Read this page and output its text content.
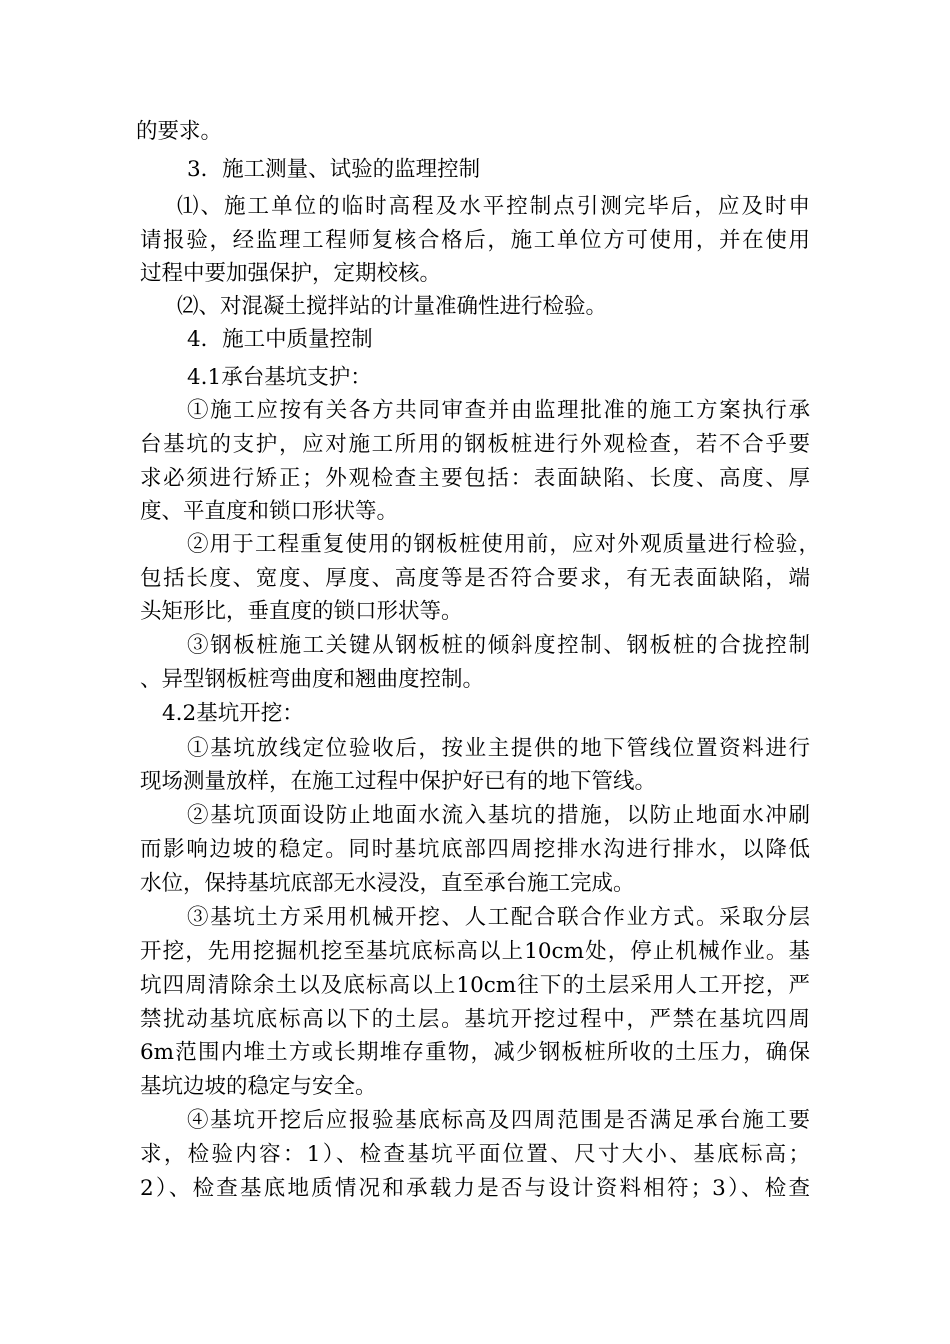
的要求。

3．施工测量、试验的监理控制

⑴、施工单位的临时高程及水平控制点引测完毕后，应及时申

请报验，经监理工程师复核合格后，施工单位方可使用，并在使用

过程中要加强保护，定期校核。

⑵、对混凝土搅拌站的计量准确性进行检验。

4．施工中质量控制

4.1承台基坑支护：

①施工应按有关各方共同审查并由监理批准的施工方案执行承

台基坑的支护，应对施工所用的钢板桩进行外观检查，若不合乎要

求必须进行矫正；外观检查主要包括：表面缺陷、长度、高度、厚

度、平直度和锁口形状等。

②用于工程重复使用的钢板桩使用前，应对外观质量进行检验，

包括长度、宽度、厚度、高度等是否符合要求，有无表面缺陷，端

头矩形比，垂直度的锁口形状等。

③钢板桩施工关键从钢板桩的倾斜度控制、钢板桩的合拢控制

、异型钢板桩弯曲度和翘曲度控制。

4.2基坑开挖：

①基坑放线定位验收后，按业主提供的地下管线位置资料进行

现场测量放样，在施工过程中保护好已有的地下管线。

②基坑顶面设防止地面水流入基坑的措施，以防止地面水冲刷

而影响边坡的稳定。同时基坑底部四周挖排水沟进行排水，以降低

水位，保持基坑底部无水浸没，直至承台施工完成。

③基坑土方采用机械开挖、人工配合联合作业方式。采取分层

开挖，先用挖掘机挖至基坑底标高以上10cm处，停止机械作业。基

坑四周清除余土以及底标高以上10cm往下的土层采用人工开挖，严

禁扰动基坑底标高以下的土层。基坑开挖过程中，严禁在基坑四周

6m范围内堆土方或长期堆存重物，减少钢板桩所收的土压力，确保

基坑边坡的稳定与安全。

④基坑开挖后应报验基底标高及四周范围是否满足承台施工要

求，检验内容：1）、检查基坑平面位置、尺寸大小、基底标高；

2）、检查基底地质情况和承载力是否与设计资料相符；3）、检查
